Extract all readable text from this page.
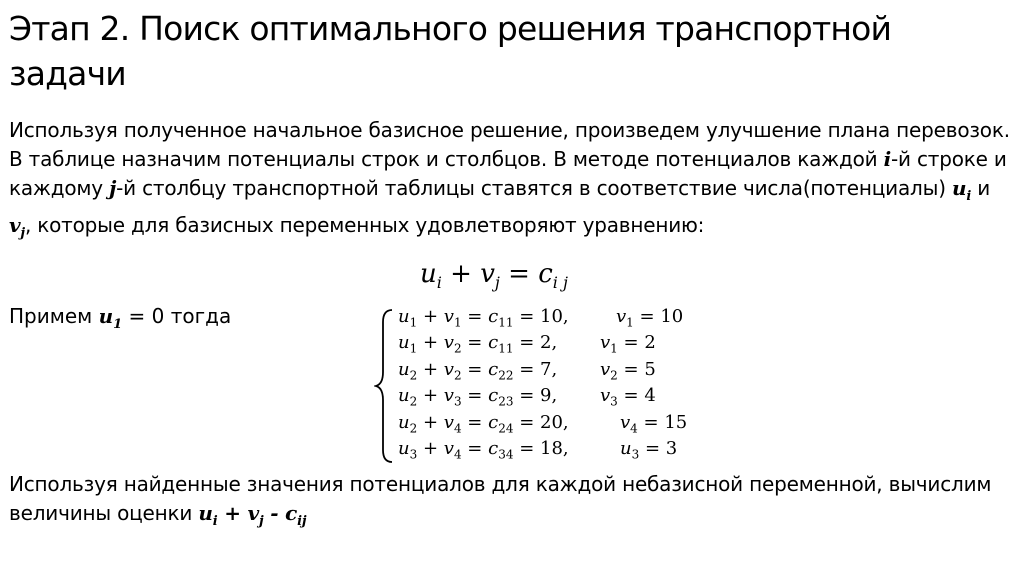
Этап 2. Поиск оптимального решения транспортной задачи
Используя полученное начальное базисное решение, произведем улучшение плана перевозок. В таблице назначим потенциалы строк и столбцов. В методе потенциалов каждой i-й строке и каждому j-й столбцу транспортной таблицы ставятся в соответствие числа(потенциалы) $u_i$ и $v_j$, которые для базисных переменных удовлетворяют уравнению:
$u_i + v_j = c_{i j}$
Примем $u_1 = 0$ тогда	$u_1 + v_1 = c_{11} = 10$,	$v_1 = 10$
$u_1 + v_2 = c_{11} = 2$, $v_1 = 2$
$u_2 + v_2 = c_{22} = 7$, $v_2 = 5$
$u_2 + v_3 = c_{23} = 9$, $v_3 = 4$
$u_2 + v_4 = c_{24} = 20$,	$v_4 = 15$
$u_3 + v_4 = c_{34} = 18$,	$u_3 = 3$
Используя найденные значения потенциалов для каждой небазисной переменной, вычислим величины оценки $u_i + v_j - c_{ij}$
